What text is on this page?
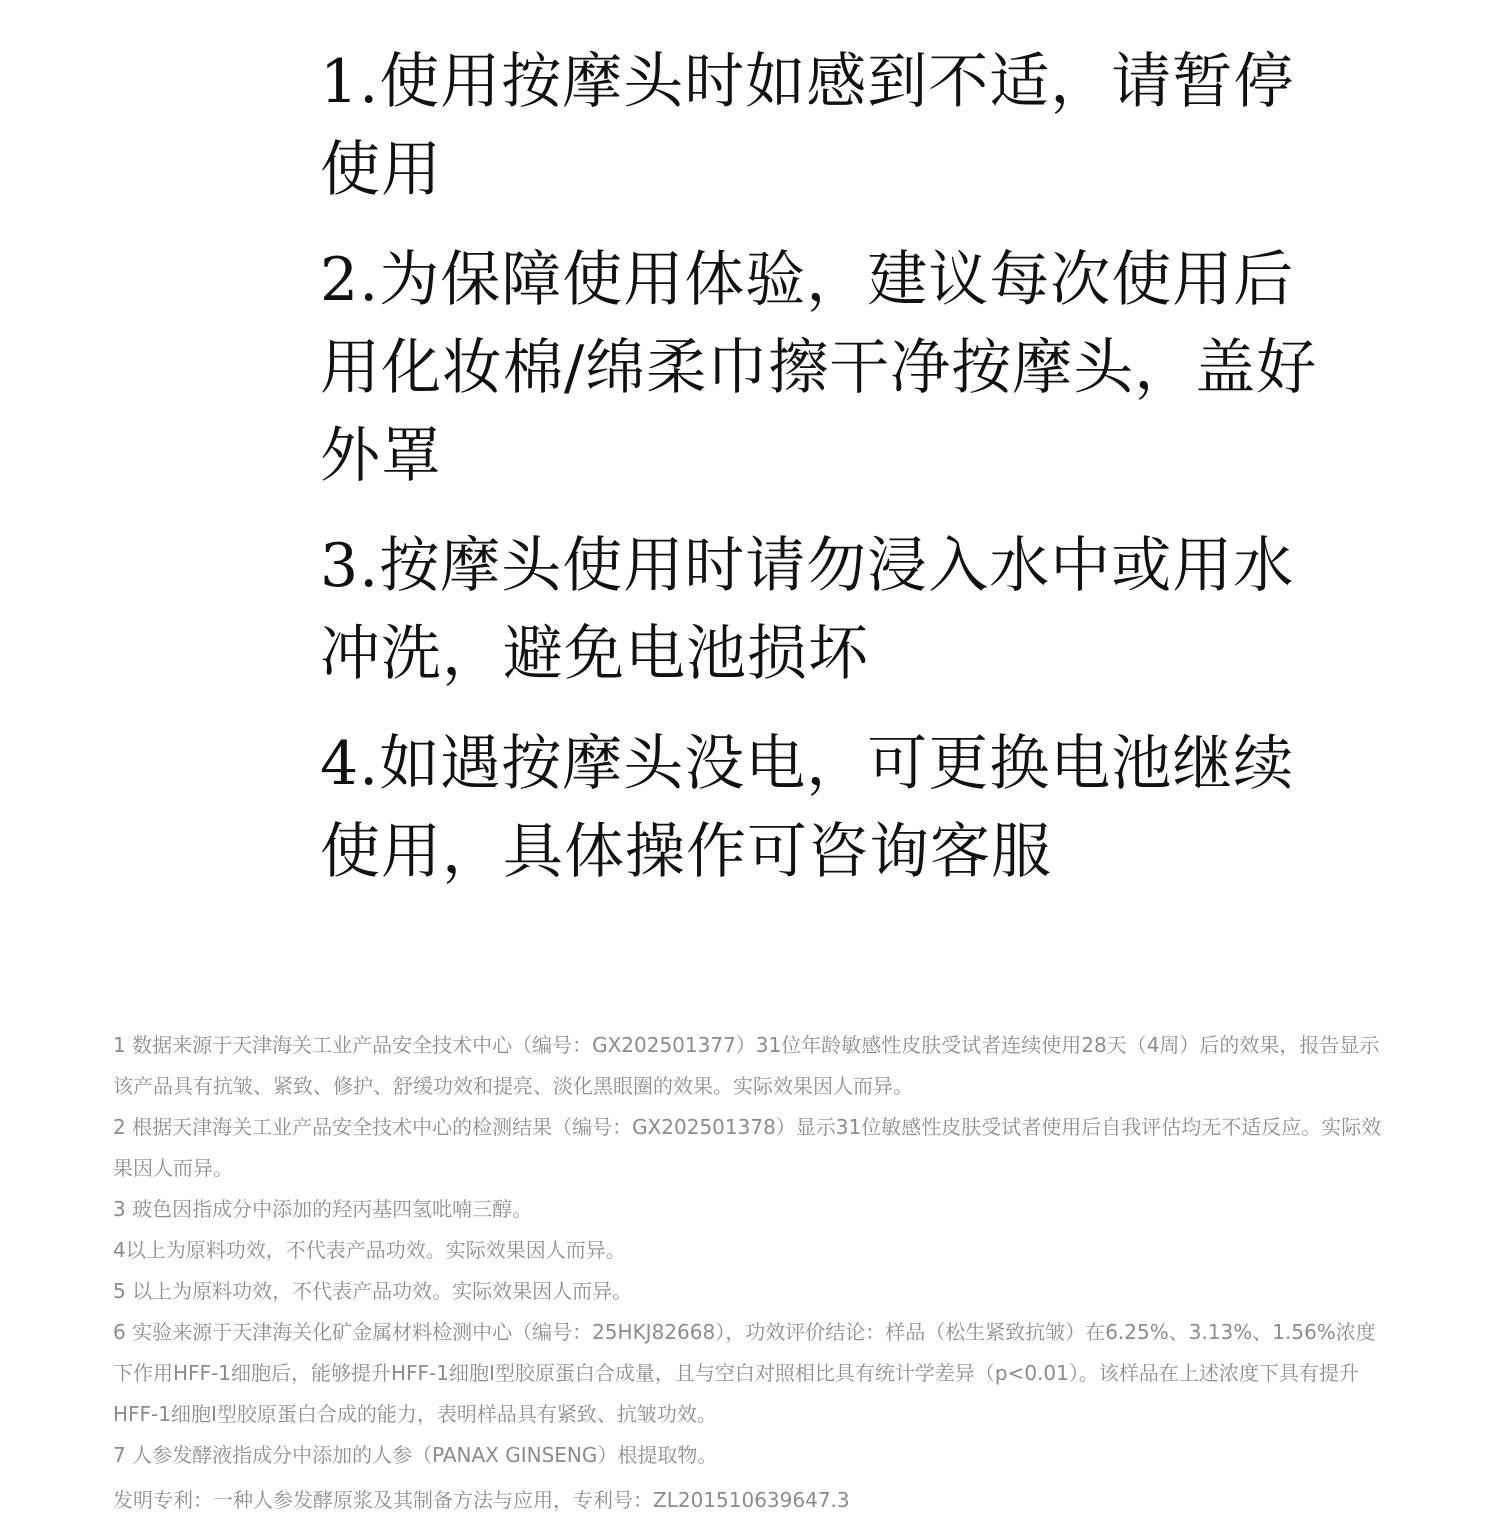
1.使用按摩头时如感到不适，请暂停使用

2.为保障使用体验，建议每次使用后用化妆棉/绵柔巾擦干净按摩头，盖好外罩

3.按摩头使用时请勿浸入水中或用水冲洗，避免电池损坏

4.如遇按摩头没电，可更换电池继续使用，具体操作可咨询客服

1 数据来源于天津海关工业产品安全技术中心（编号：GX202501377）31位年龄敏感性皮肤受试者连续使用28天（4周）后的效果，报告显示该产品具有抗皱、紧致、修护、舒缓功效和提亮、淡化黑眼圈的效果。实际效果因人而异。

2 根据天津海关工业产品安全技术中心的检测结果（编号：GX202501378）显示31位敏感性皮肤受试者使用后自我评估均无不适反应。实际效果因人而异。

3 玻色因指成分中添加的羟丙基四氢吡喃三醇。

4以上为原料功效，不代表产品功效。实际效果因人而异。

5 以上为原料功效，不代表产品功效。实际效果因人而异。

6 实验来源于天津海关化矿金属材料检测中心（编号：25HKJ82668），功效评价结论：样品（松生紧致抗皱）在6.25%、3.13%、1.56%浓度下作用HFF-1细胞后，能够提升HFF-1细胞I型胶原蛋白合成量，且与空白对照相比具有统计学差异（p<0.01）。该样品在上述浓度下具有提升HFF-1细胞I型胶原蛋白合成的能力，表明样品具有紧致、抗皱功效。

7 人参发酵液指成分中添加的人参（PANAX GINSENG）根提取物。

发明专利：一种人参发酵原浆及其制备方法与应用，专利号：ZL201510639647.3
